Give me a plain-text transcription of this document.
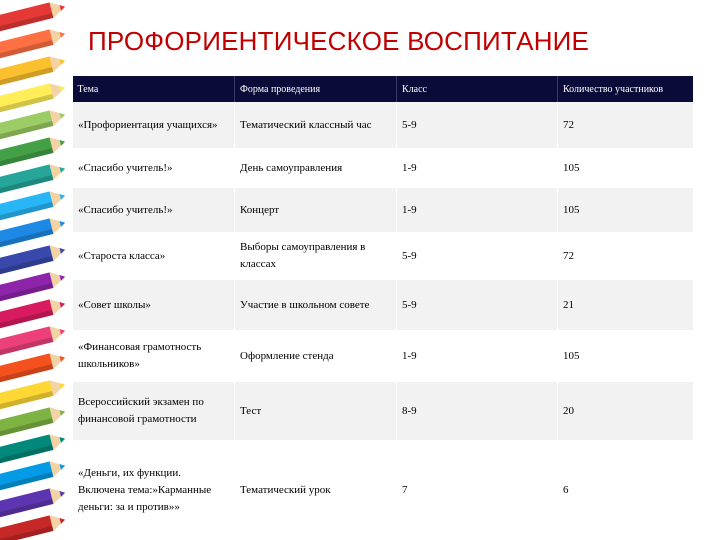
ПРОФОРИЕНТИЧЕСКОЕ ВОСПИТАНИЕ
Тема	Форма проведения	Класс	Количество участников
«Профориентация учащихся»	Тематический классный час	5-9	72
«Спасибо учитель!»	День самоуправления	1-9	105
«Спасибо учитель!»	Концерт	1-9	105
«Староста класса»	Выборы самоуправления в классах	5-9	72
«Совет школы»	Участие в школьном совете	5-9	21
«Финансовая грамотность школьников»	Оформление стенда	1-9	105
Всероссийский экзамен по финансовой грамотности	Тест	8-9	20
«Деньги, их функции. Включена тема:»Карманные деньги: за и против»»	Тематический урок	7	6
